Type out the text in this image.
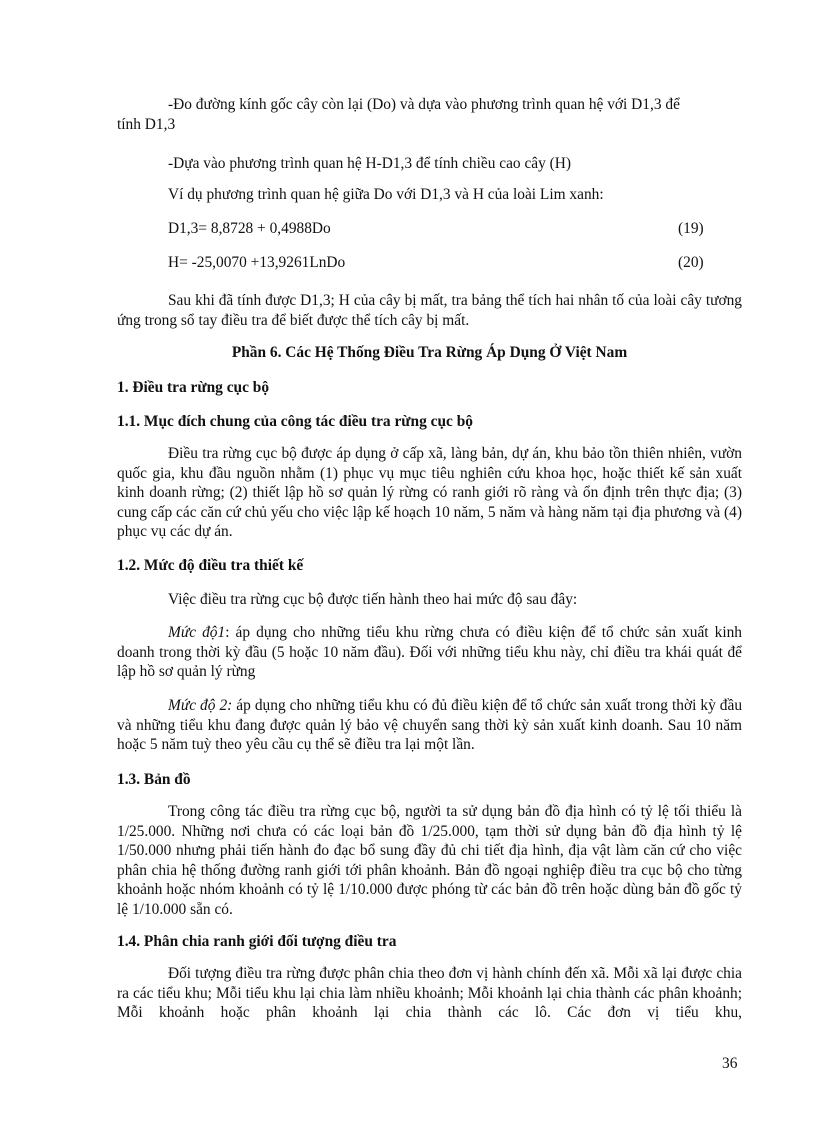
-Đo đường kính gốc cây còn lại (Do) và dựa vào phương trình quan hệ với D1,3 để

tính D1,3

-Dựa vào phương trình quan hệ H-D1,3 để tính chiều cao cây (H)

Ví dụ phương trình quan hệ giữa Do với D1,3 và H của loài Lim xanh:

D1,3= 8,8728 + 0,4988Do	(19)
H= -25,0070 +13,9261LnDo	(20)

Sau khi đã tính được D1,3; H của cây bị mất, tra bảng thể tích hai nhân tố của loài cây tương ứng trong sổ tay điều tra để biết được thể tích cây bị mất.

Phần 6. Các Hệ Thống Điều Tra Rừng Áp Dụng Ở Việt Nam

1. Điều tra rừng cục bộ

1.1. Mục đích chung của công tác điều tra rừng cục bộ

Điều tra rừng cục bộ được áp dụng ở cấp xã, làng bản, dự án, khu bảo tồn thiên nhiên, vườn quốc gia, khu đầu nguồn nhằm (1) phục vụ mục tiêu nghiên cứu khoa học, hoặc thiết kế sản xuất kinh doanh rừng; (2) thiết lập hồ sơ quản lý rừng có ranh giới rõ ràng và ổn định trên thực địa; (3) cung cấp các căn cứ chủ yếu cho việc lập kế hoạch 10 năm, 5 năm và hàng năm tại địa phương và (4) phục vụ các dự án.

1.2. Mức độ điều tra thiết kế

Việc điều tra rừng cục bộ được tiến hành theo hai mức độ sau đây:

Mức độ1: áp dụng cho những tiểu khu rừng chưa có điều kiện để tổ chức sản xuất kinh doanh trong thời kỳ đầu (5 hoặc 10 năm đầu). Đối với những tiểu khu này, chỉ điều tra khái quát để lập hồ sơ quản lý rừng

Mức độ 2: áp dụng cho những tiểu khu có đủ điều kiện để tổ chức sản xuất trong thời kỳ đầu và những tiểu khu đang được quản lý bảo vệ chuyển sang thời kỳ sản xuất kinh doanh. Sau 10 năm hoặc 5 năm tuỳ theo yêu cầu cụ thể sẽ điều tra lại một lần.

1.3. Bản đồ

Trong công tác điều tra rừng cục bộ, người ta sử dụng bản đồ địa hình có tỷ lệ tối thiểu là 1/25.000. Những nơi chưa có các loại bản đồ 1/25.000, tạm thời sử dụng bản đồ địa hình tỷ lệ 1/50.000 nhưng phải tiến hành đo đạc bổ sung đầy đủ chi tiết địa hình, địa vật làm căn cứ cho việc phân chia hệ thống đường ranh giới tới phân khoảnh. Bản đồ ngoại nghiệp điều tra cục bộ cho từng khoảnh hoặc nhóm khoảnh có tỷ lệ 1/10.000 được phóng từ các bản đồ trên hoặc dùng bản đồ gốc tỷ lệ 1/10.000 sẵn có.

1.4. Phân chia ranh giới đối tượng điều tra

Đối tượng điều tra rừng được phân chia theo đơn vị hành chính đến xã. Mỗi xã lại được chia ra các tiểu khu; Mỗi tiểu khu lại chia làm nhiều khoảnh; Mỗi khoảnh lại chia thành các phân khoảnh; Mỗi khoảnh hoặc phân khoảnh lại chia thành các lô. Các đơn vị tiểu khu,

36
